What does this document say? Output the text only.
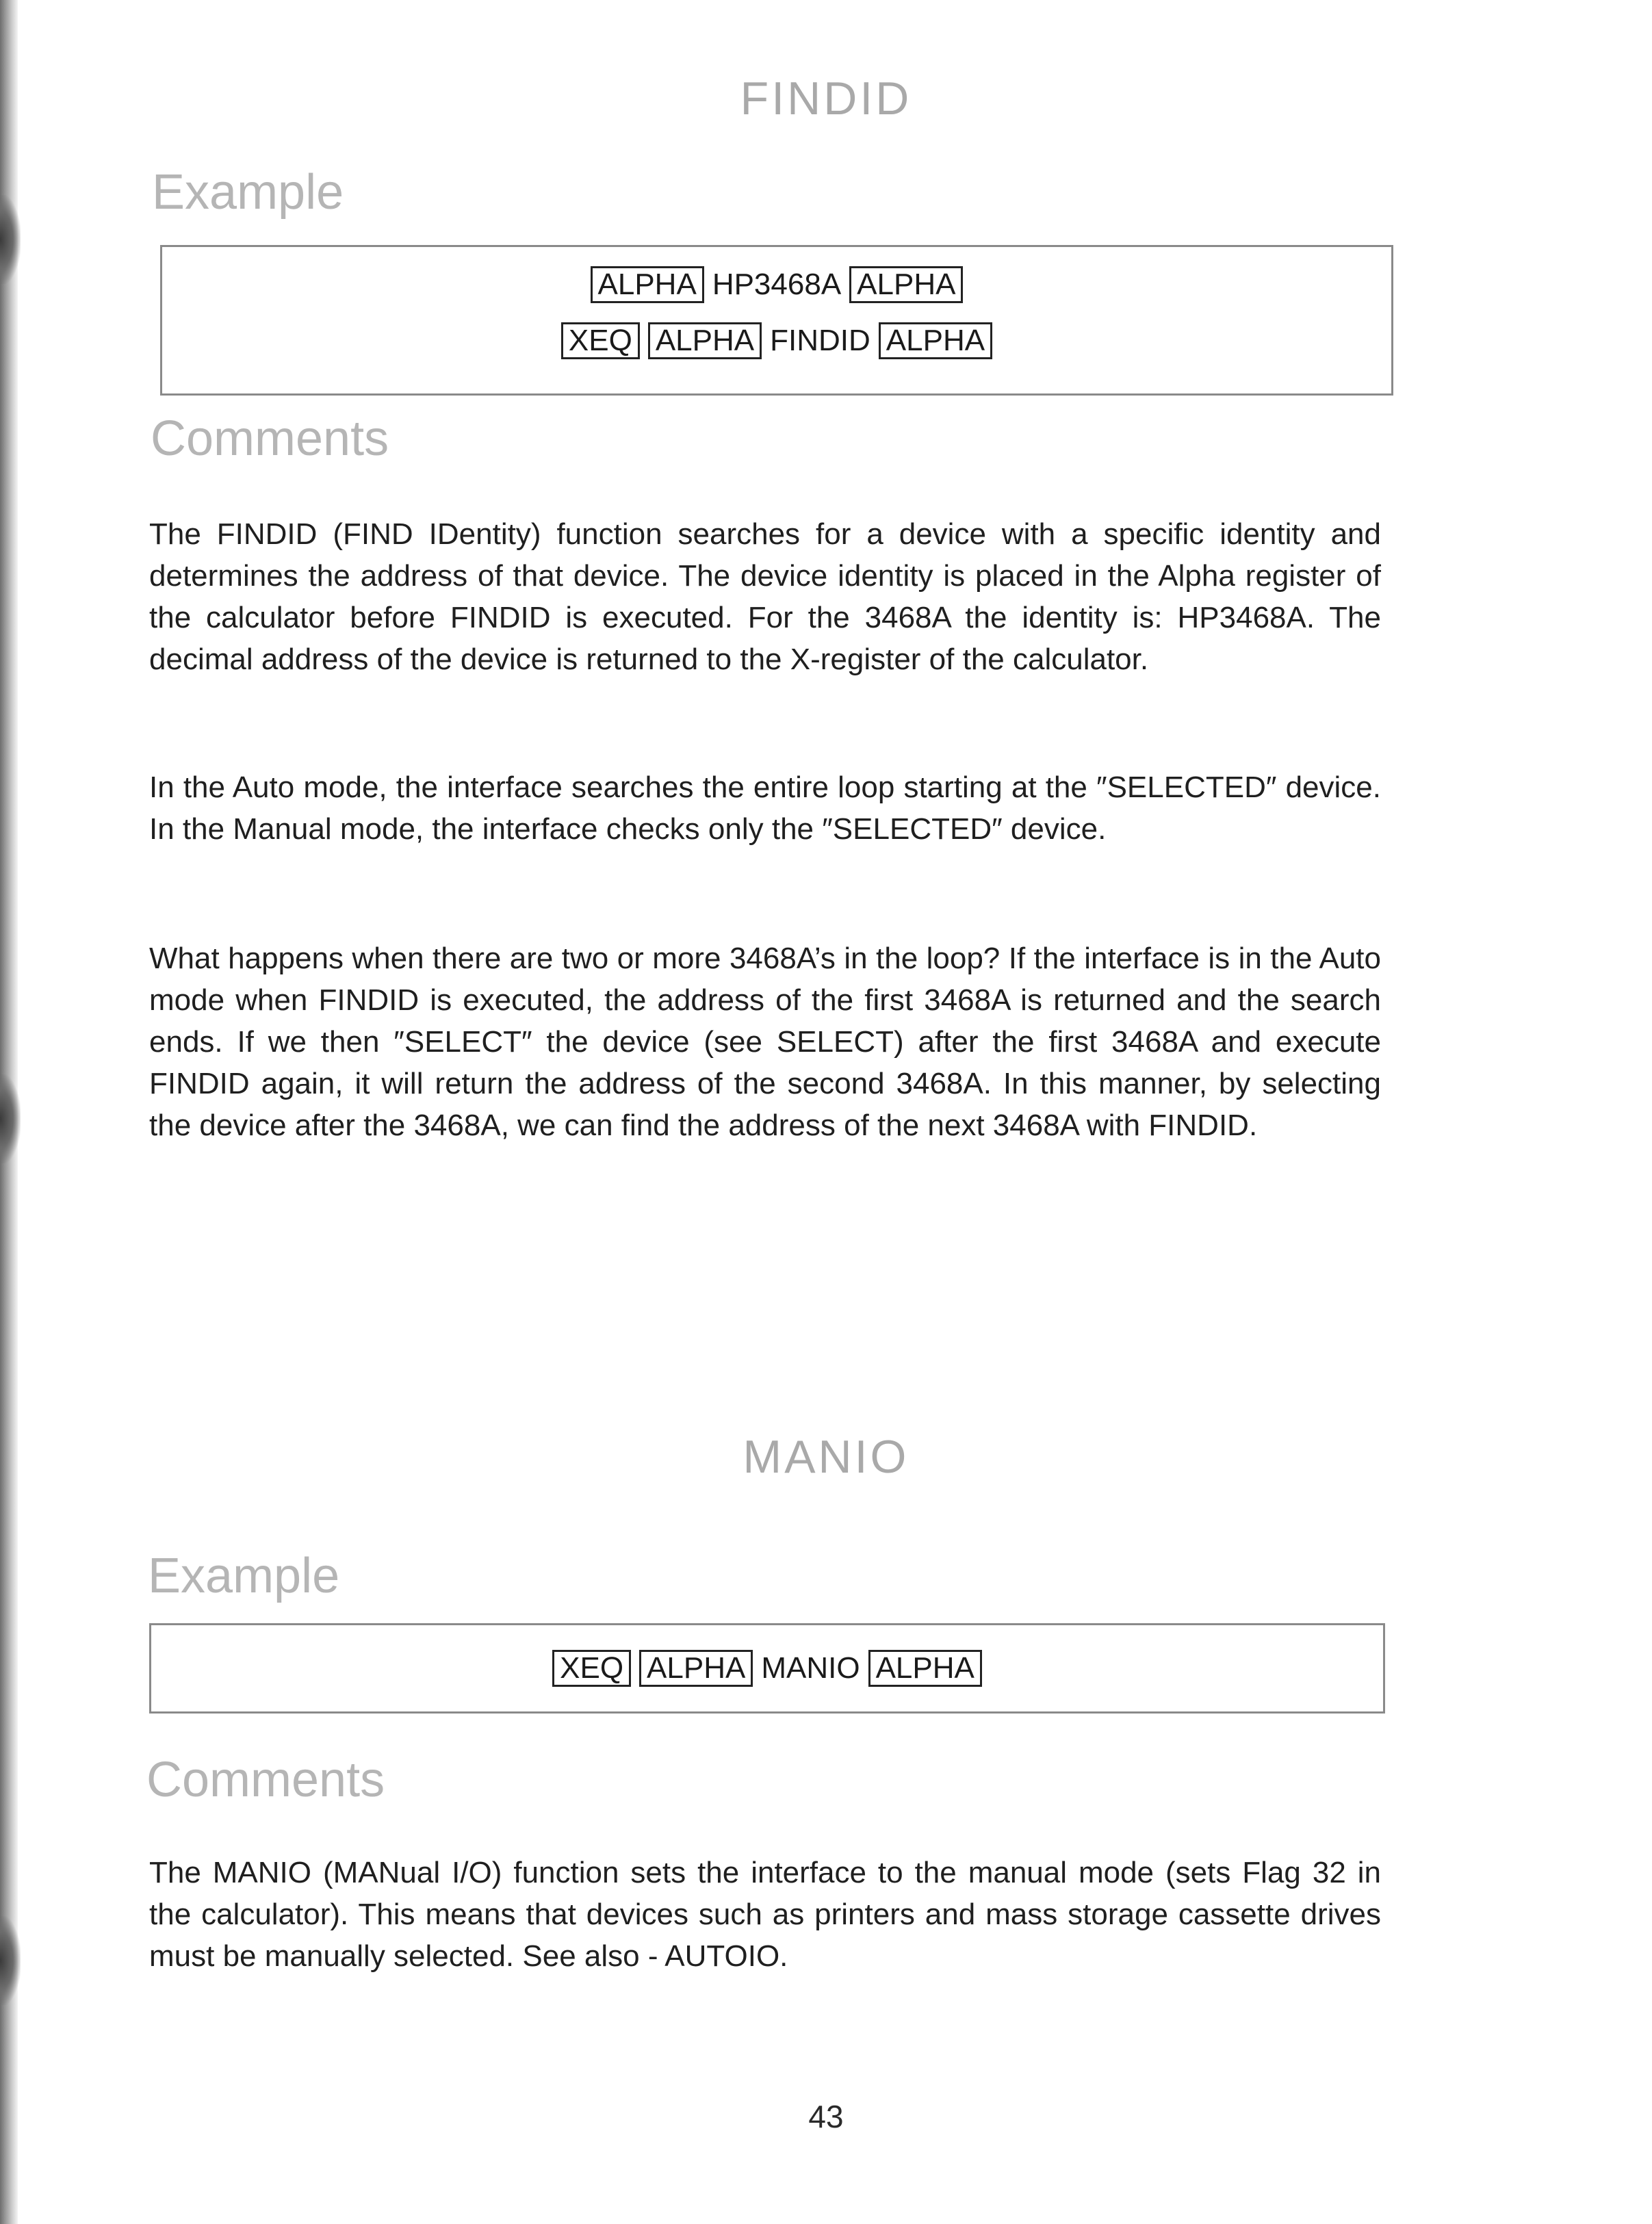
FINDID
Example
ALPHA HP3468A ALPHA
XEQ ALPHA FINDID ALPHA
Comments

The FINDID (FIND IDentity) function searches for a device with a specific identity and determines the address of that device. The device identity is placed in the Alpha register of the calculator before FINDID is executed. For the 3468A the identity is: HP3468A. The decimal address of the device is returned to the X-register of the calculator.

In the Auto mode, the interface searches the entire loop starting at the ″SELECTED″ device. In the Manual mode, the interface checks only the ″SELECTED″ device.

What happens when there are two or more 3468A’s in the loop? If the interface is in the Auto mode when FINDID is executed, the address of the first 3468A is returned and the search ends. If we then ″SELECT″ the device (see SELECT) after the first 3468A and execute FINDID again, it will return the address of the second 3468A. In this manner, by selecting the device after the 3468A, we can find the address of the next 3468A with FINDID.

MANIO
Example
XEQ ALPHA MANIO ALPHA
Comments

The MANIO (MANual I/O) function sets the interface to the manual mode (sets Flag 32 in the calculator). This means that devices such as printers and mass storage cassette drives must be manually selected. See also - AUTOIO.

43
